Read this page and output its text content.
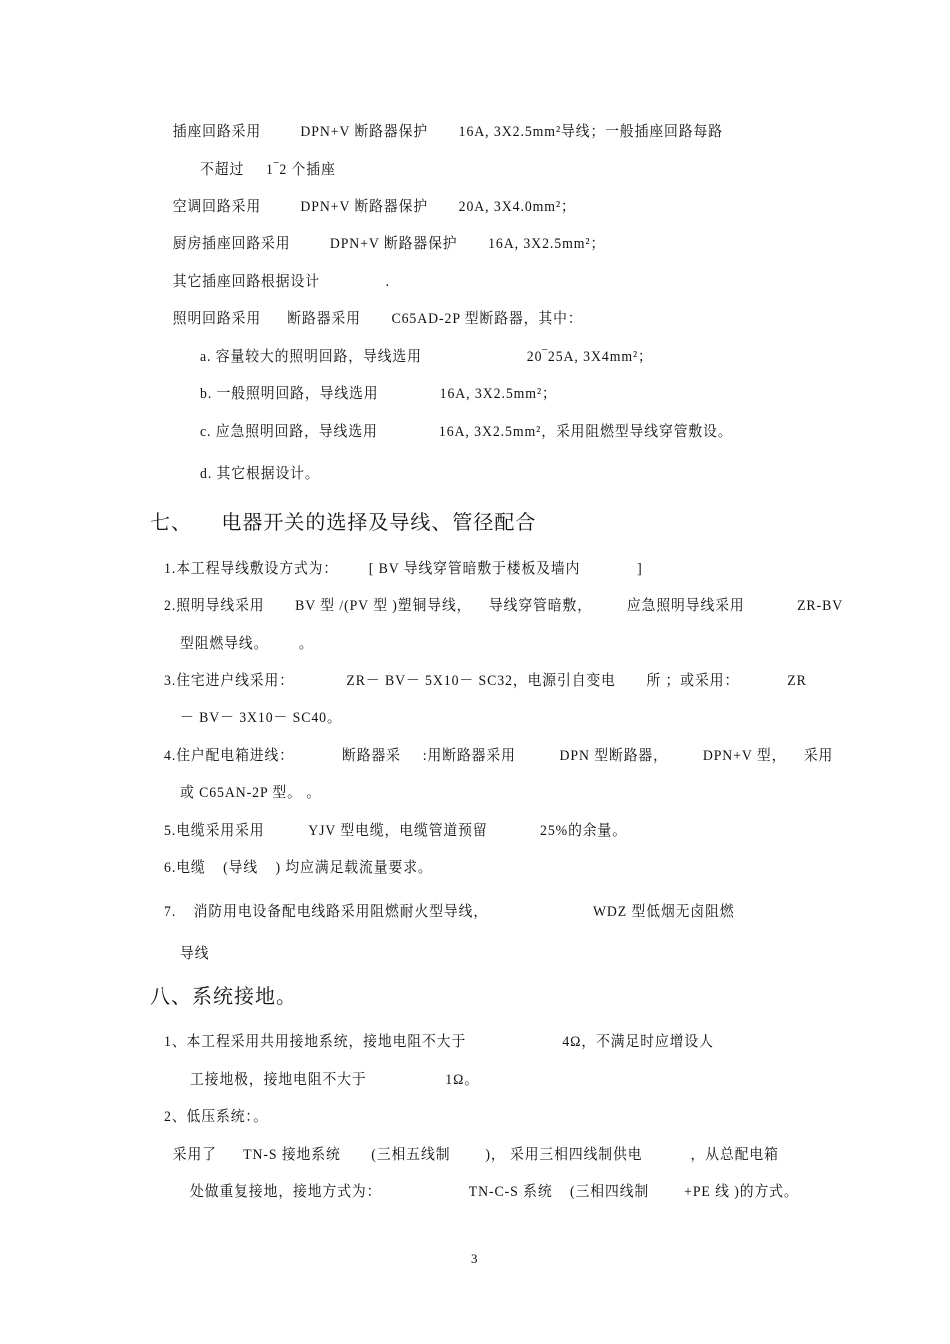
插座回路采用         DPN+V 断路器保护       16A, 3X2.5mm²导线；一般插座回路每路
不超过     1‾2 个插座
空调回路采用         DPN+V 断路器保护       20A, 3X4.0mm²；
厨房插座回路采用         DPN+V 断路器保护       16A, 3X2.5mm²；
其它插座回路根据设计               .
照明回路采用      断路器采用       C65AD-2P 型断路器，其中：
a. 容量较大的照明回路，导线选用                        20‾25A, 3X4mm²；
b. 一般照明回路，导线选用              16A, 3X2.5mm²；
c. 应急照明回路，导线选用              16A, 3X2.5mm²，采用阻燃型导线穿管敷设。
d. 其它根据设计。
1.本工程导线敷设方式为：       [ BV 导线穿管暗敷于楼板及墙内             ]
2.照明导线采用       BV 型 /(PV 型 )塑铜导线，    导线穿管暗敷，        应急照明导线采用            ZR-BV
型阻燃导线。       。
3.住宅进户线采用：            ZR－ BV－ 5X10－ SC32，电源引自变电       所 ；或采用：           ZR
－ BV－ 3X10－ SC40。
4.住户配电箱进线：           断路器采     :用断路器采用          DPN 型断路器，        DPN+V 型，    采用
或 C65AN-2P 型。 。
5.电缆采用采用          YJV 型电缆，电缆管道预留            25%的余量。
6.电缆    (导线    ) 均应满足载流量要求。
7.    消防用电设备配电线路采用阻燃耐火型导线，                        WDZ 型低烟无卤阻燃
导线
1、本工程采用共用接地系统，接地电阻不大于                      4Ω，不满足时应增设人
工接地极，接地电阻不大于                  1Ω。
2、低压系统：。
采用了      TN-S 接地系统       (三相五线制        )， 采用三相四线制供电           ，从总配电箱
处做重复接地，接地方式为：                    TN-C-S 系统    (三相四线制        +PE 线 )的方式。
七、    电器开关的选择及导线、管径配合
八、系统接地。
3
